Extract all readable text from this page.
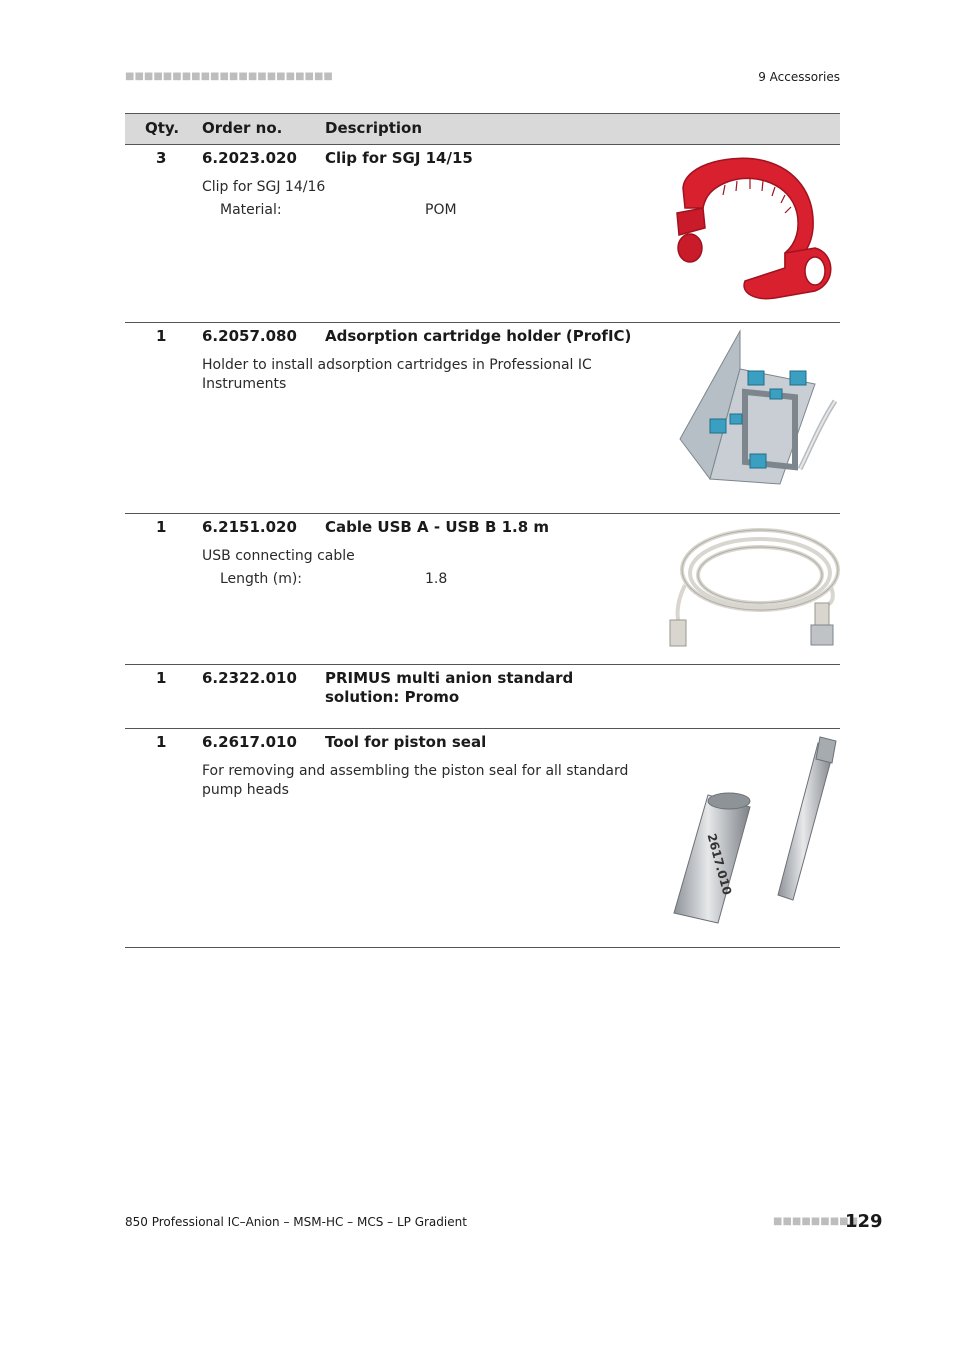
■■■■■■■■■■■■■■■■■■■■■■	9 Accessories
Qty. Order no.	Description
3 6.2023.020 Clip for SGJ 14/15
Clip for SGJ 14/16
Material:	POM
1 6.2057.080 Adsorption cartridge holder (ProfIC)
Holder to install adsorption cartridges in Professional IC Instruments
1 6.2151.020 Cable USB A - USB B 1.8 m
USB connecting cable
Length (m):	1.8
1 6.2322.010 PRIMUS multi anion standard solution: Promo
1 6.2617.010 Tool for piston seal
For removing and assembling the piston seal for all standard pump heads
2617.010
850 Professional IC–Anion – MSM-HC – MCS – LP Gradient	■■■■■■■■■
129
